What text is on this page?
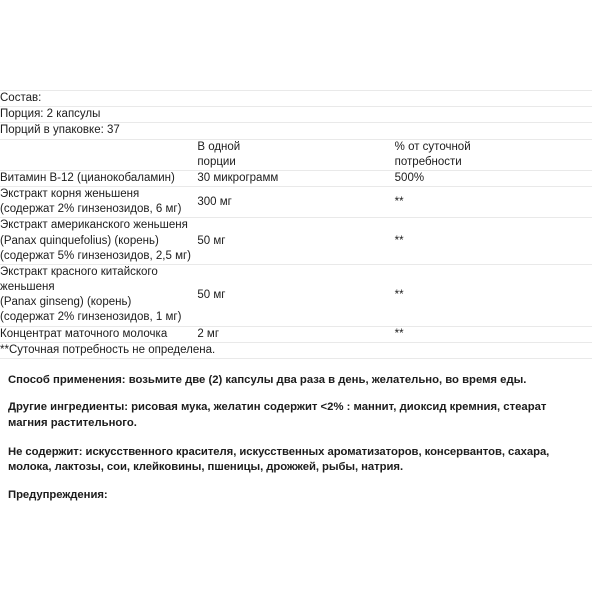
Состав:		
Порция: 2 капсулы		
Порций в упаковке: 37		

	В одной
порции	% от суточной
потребности

Витамин B-12 (цианокобаламин)	30 микрограмм	500%

Экстракт корня женьшеня
(содержат 2% гинзенозидов, 6 мг)	300 мг	**

Экстракт американского женьшеня
(Panax quinquefolius) (корень)
(содержат 5% гинзенозидов, 2,5 мг)	50 мг	**

Экстракт красного китайского женьшеня
(Panax ginseng) (корень)
(содержат 2% гинзенозидов, 1 мг)	50 мг	**

Концентрат маточного молочка	2 мг	**
**Суточная потребность не определена.		

Способ применения: возьмите две (2) капсулы два раза в день, желательно, во время еды.

Другие ингредиенты: рисовая мука, желатин содержит <2% : маннит, диоксид кремния, стеарат магния растительного.

Не содержит: искусственного красителя, искусственных ароматизаторов, консервантов, сахара, молока, лактозы, сои, клейковины, пшеницы, дрожжей, рыбы, натрия.

Предупреждения:
